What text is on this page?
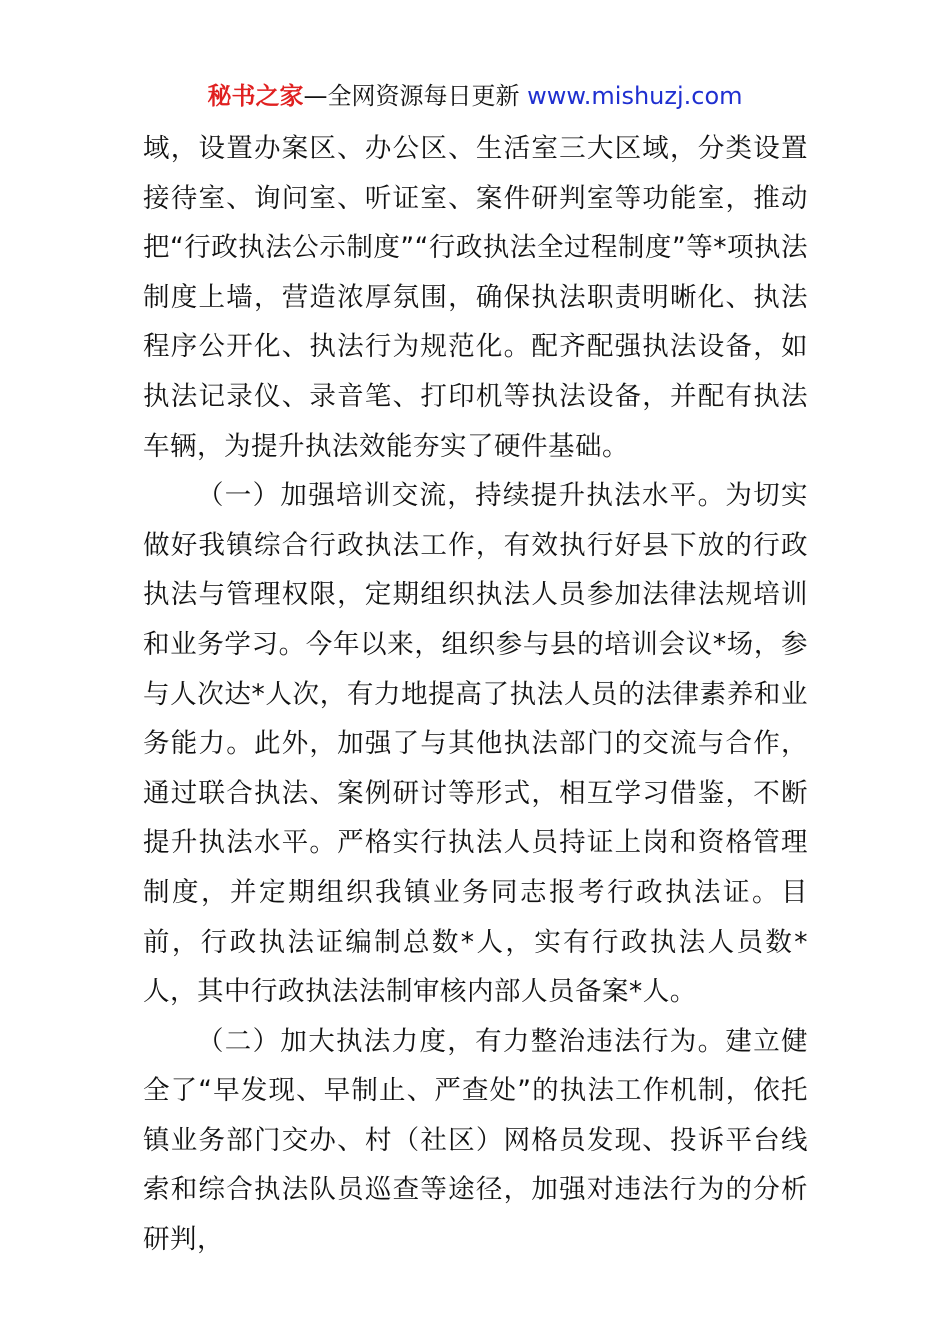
秘书之家—全网资源每日更新 www.mishuzj.com

域，设置办案区、办公区、生活室三大区域，分类设置接待室、询问室、听证室、案件研判室等功能室，推动把“行政执法公示制度”“行政执法全过程制度”等*项执法制度上墙，营造浓厚氛围，确保执法职责明晰化、执法程序公开化、执法行为规范化。配齐配强执法设备，如执法记录仪、录音笔、打印机等执法设备，并配有执法车辆，为提升执法效能夯实了硬件基础。

（一）加强培训交流，持续提升执法水平。为切实做好我镇综合行政执法工作，有效执行好县下放的行政执法与管理权限，定期组织执法人员参加法律法规培训和业务学习。今年以来，组织参与县的培训会议*场，参与人次达*人次，有力地提高了执法人员的法律素养和业务能力。此外，加强了与其他执法部门的交流与合作，通过联合执法、案例研讨等形式，相互学习借鉴，不断提升执法水平。严格实行执法人员持证上岗和资格管理制度，并定期组织我镇业务同志报考行政执法证。目前，行政执法证编制总数*人，实有行政执法人员数*人，其中行政执法法制审核内部人员备案*人。

（二）加大执法力度，有力整治违法行为。建立健全了“早发现、早制止、严查处”的执法工作机制，依托镇业务部门交办、村（社区）网格员发现、投诉平台线索和综合执法队员巡查等途径，加强对违法行为的分析研判，
